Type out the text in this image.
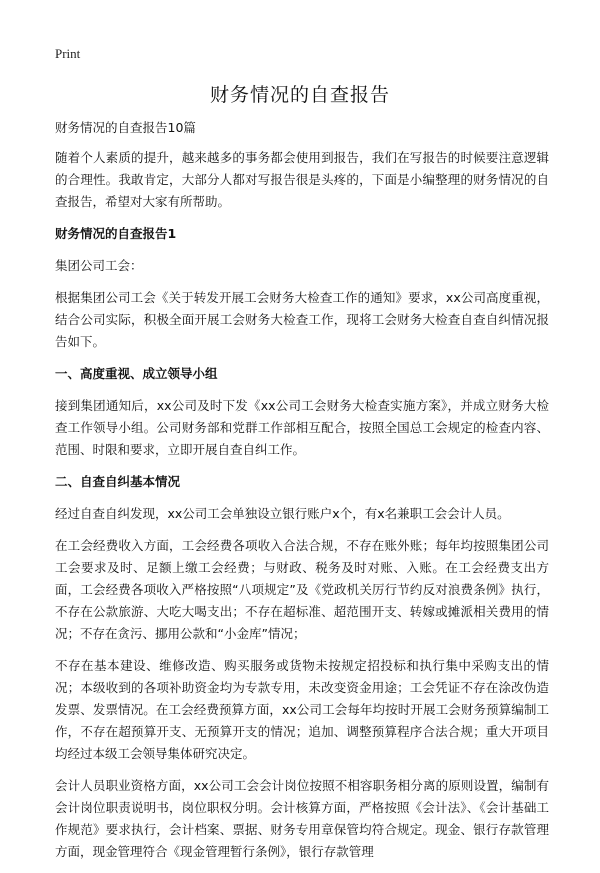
Print
财务情况的自查报告

财务情况的自查报告10篇

随着个人素质的提升，越来越多的事务都会使用到报告，我们在写报告的时候要注意逻辑的合理性。我敢肯定，大部分人都对写报告很是头疼的，下面是小编整理的财务情况的自查报告，希望对大家有所帮助。

财务情况的自查报告1

集团公司工会：

根据集团公司工会《关于转发开展工会财务大检查工作的通知》要求，xx公司高度重视，结合公司实际，积极全面开展工会财务大检查工作，现将工会财务大检查自查自纠情况报告如下。

一、高度重视、成立领导小组

接到集团通知后，xx公司及时下发《xx公司工会财务大检查实施方案》，并成立财务大检查工作领导小组。公司财务部和党群工作部相互配合，按照全国总工会规定的检查内容、范围、时限和要求，立即开展自查自纠工作。

二、自查自纠基本情况

经过自查自纠发现，xx公司工会单独设立银行账户x个，有x名兼职工会会计人员。

在工会经费收入方面，工会经费各项收入合法合规，不存在账外账；每年均按照集团公司工会要求及时、足额上缴工会经费；与财政、税务及时对账、入账。在工会经费支出方面，工会经费各项收入严格按照“八项规定”及《党政机关厉行节约反对浪费条例》执行，不存在公款旅游、大吃大喝支出；不存在超标准、超范围开支、转嫁或摊派相关费用的情况；不存在贪污、挪用公款和“小金库”情况；

不存在基本建设、维修改造、购买服务或货物未按规定招投标和执行集中采购支出的情况；本级收到的各项补助资金均为专款专用，未改变资金用途；工会凭证不存在涂改伪造发票、发票情况。在工会经费预算方面，xx公司工会每年均按时开展工会财务预算编制工作，不存在超预算开支、无预算开支的情况；追加、调整预算程序合法合规；重大开项目均经过本级工会领导集体研究决定。

会计人员职业资格方面，xx公司工会会计岗位按照不相容职务相分离的原则设置，编制有会计岗位职责说明书，岗位职权分明。会计核算方面，严格按照《会计法》、《会计基础工作规范》要求执行，会计档案、票据、财务专用章保管均符合规定。现金、银行存款管理方面，现金管理符合《现金管理暂行条例》，银行存款管理
